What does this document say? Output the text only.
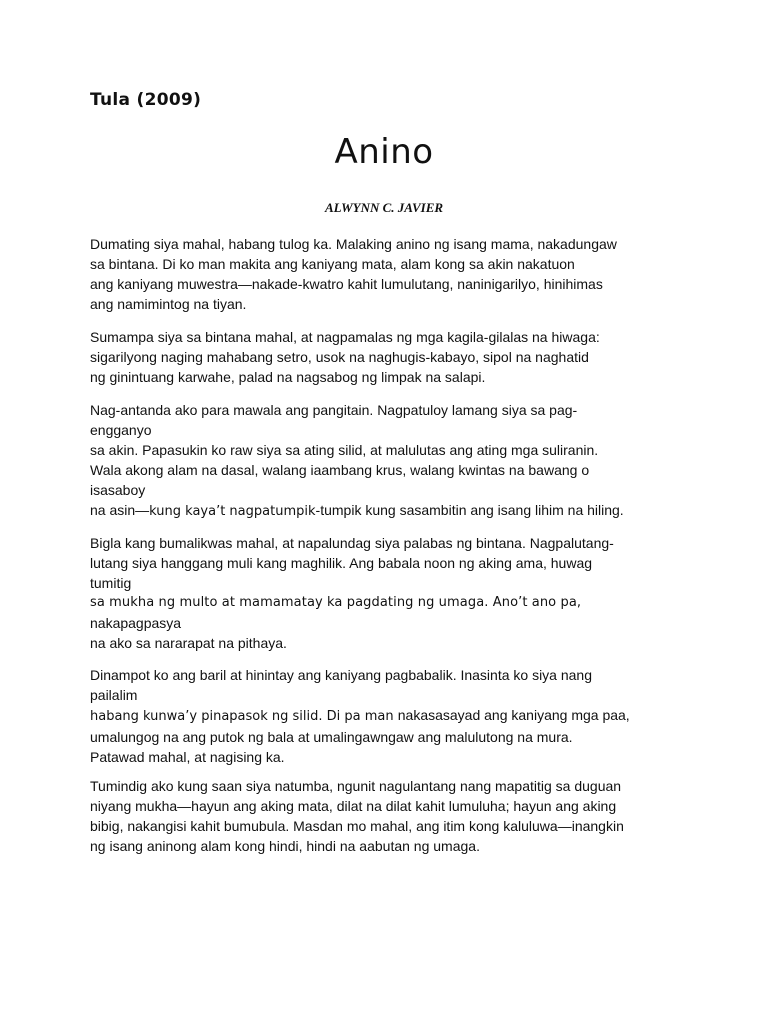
Tula (2009)
Anino
ALWYNN C. JAVIER
Dumating siya mahal, habang tulog ka. Malaking anino ng isang mama, nakadungaw
sa bintana. Di ko man makita ang kaniyang mata, alam kong sa akin nakatuon
ang kaniyang muwestra—nakade-kwatro kahit lumulutang, naninigarilyo, hinihimas
ang namimintog na tiyan.
Sumampa siya sa bintana mahal, at nagpamalas ng mga kagila-gilalas na hiwaga:
sigarilyong naging mahabang setro, usok na naghugis-kabayo, sipol na naghatid
ng ginintuang karwahe, palad na nagsabog ng limpak na salapi.
Nag-antanda ako para mawala ang pangitain. Nagpatuloy lamang siya sa pag-
engganyo
sa akin. Papasukin ko raw siya sa ating silid, at malulutas ang ating mga suliranin.
Wala akong alam na dasal, walang iaambang krus, walang kwintas na bawang o
isasaboy
na asin—kung kaya’t nagpatumpik-tumpik kung sasambitin ang isang lihim na hiling.
Bigla kang bumalikwas mahal, at napalundag siya palabas ng bintana. Nagpalutang-
lutang siya hanggang muli kang maghilik. Ang babala noon ng aking ama, huwag
tumitig
sa mukha ng multo at mamamatay ka pagdating ng umaga. Ano’t ano pa,
nakapagpasya
na ako sa nararapat na pithaya.
Dinampot ko ang baril at hinintay ang kaniyang pagbabalik. Inasinta ko siya nang
pailalim
habang kunwa’y pinapasok ng silid. Di pa man nakasasayad ang kaniyang mga paa,
umalungog na ang putok ng bala at umalingawngaw ang malulutong na mura.
Patawad mahal, at nagising ka.
Tumindig ako kung saan siya natumba, ngunit nagulantang nang mapatitig sa duguan
niyang mukha—hayun ang aking mata, dilat na dilat kahit lumuluha; hayun ang aking
bibig, nakangisi kahit bumubula. Masdan mo mahal, ang itim kong kaluluwa—inangkin
ng isang aninong alam kong hindi, hindi na aabutan ng umaga.
